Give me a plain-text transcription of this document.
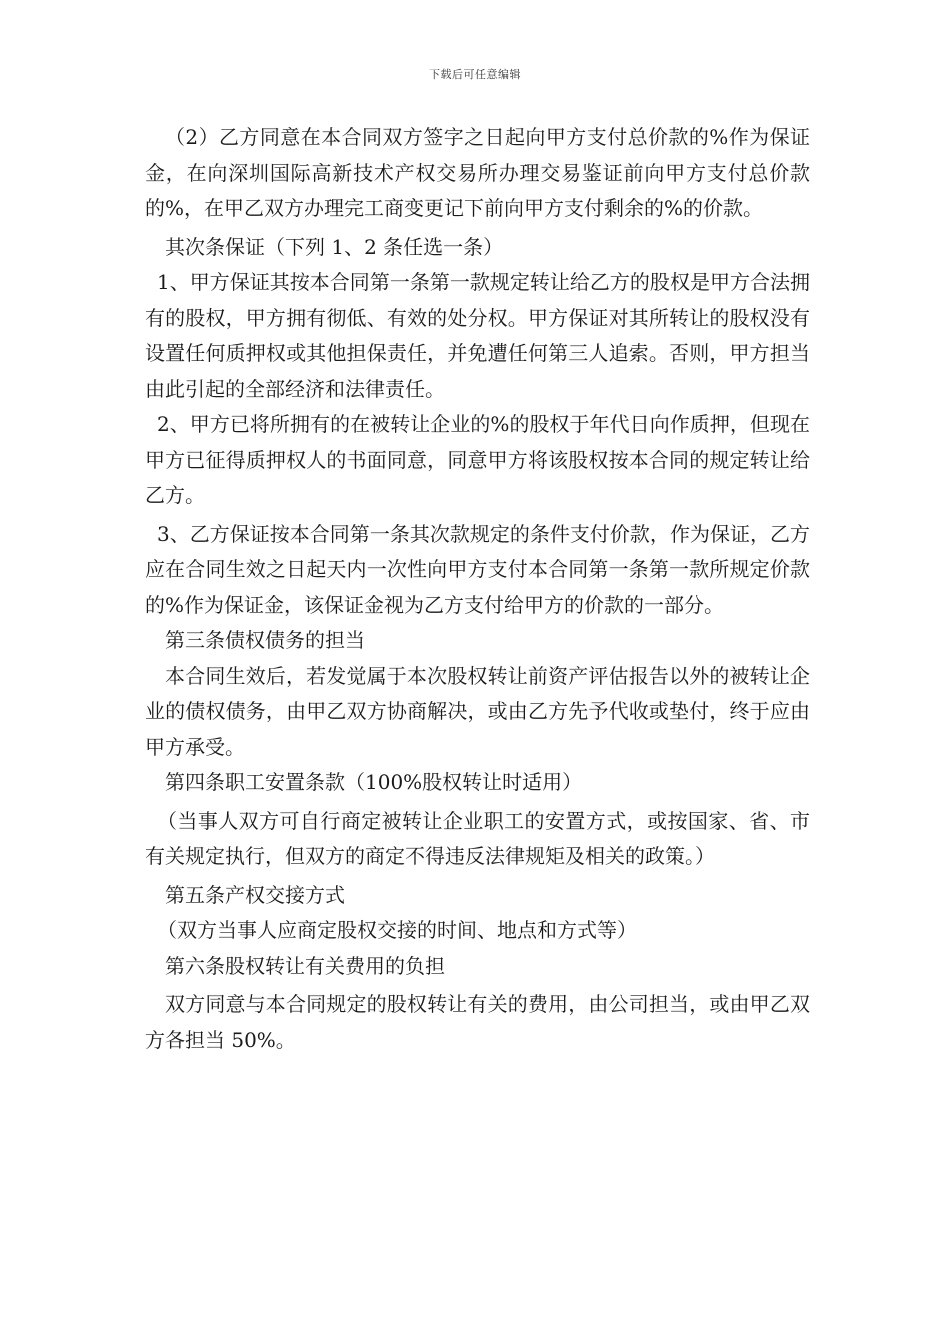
下载后可任意编辑

（2）乙方同意在本合同双方签字之日起向甲方支付总价款的%作为保证金，在向深圳国际高新技术产权交易所办理交易鉴证前向甲方支付总价款的%，在甲乙双方办理完工商变更记下前向甲方支付剩余的%的价款。

其次条保证（下列 1、2 条任选一条）

1、甲方保证其按本合同第一条第一款规定转让给乙方的股权是甲方合法拥有的股权，甲方拥有彻低、有效的处分权。甲方保证对其所转让的股权没有设置任何质押权或其他担保责任，并免遭任何第三人追索。否则，甲方担当由此引起的全部经济和法律责任。

2、甲方已将所拥有的在被转让企业的%的股权于年代日向作质押，但现在甲方已征得质押权人的书面同意，同意甲方将该股权按本合同的规定转让给乙方。

3、乙方保证按本合同第一条其次款规定的条件支付价款，作为保证，乙方应在合同生效之日起天内一次性向甲方支付本合同第一条第一款所规定价款的%作为保证金，该保证金视为乙方支付给甲方的价款的一部分。

第三条债权债务的担当

本合同生效后，若发觉属于本次股权转让前资产评估报告以外的被转让企业的债权债务，由甲乙双方协商解决，或由乙方先予代收或垫付，终于应由甲方承受。

第四条职工安置条款（100%股权转让时适用）

（当事人双方可自行商定被转让企业职工的安置方式，或按国家、省、市有关规定执行，但双方的商定不得违反法律规矩及相关的政策。）

第五条产权交接方式

（双方当事人应商定股权交接的时间、地点和方式等）

第六条股权转让有关费用的负担

双方同意与本合同规定的股权转让有关的费用，由公司担当，或由甲乙双方各担当 50%。
